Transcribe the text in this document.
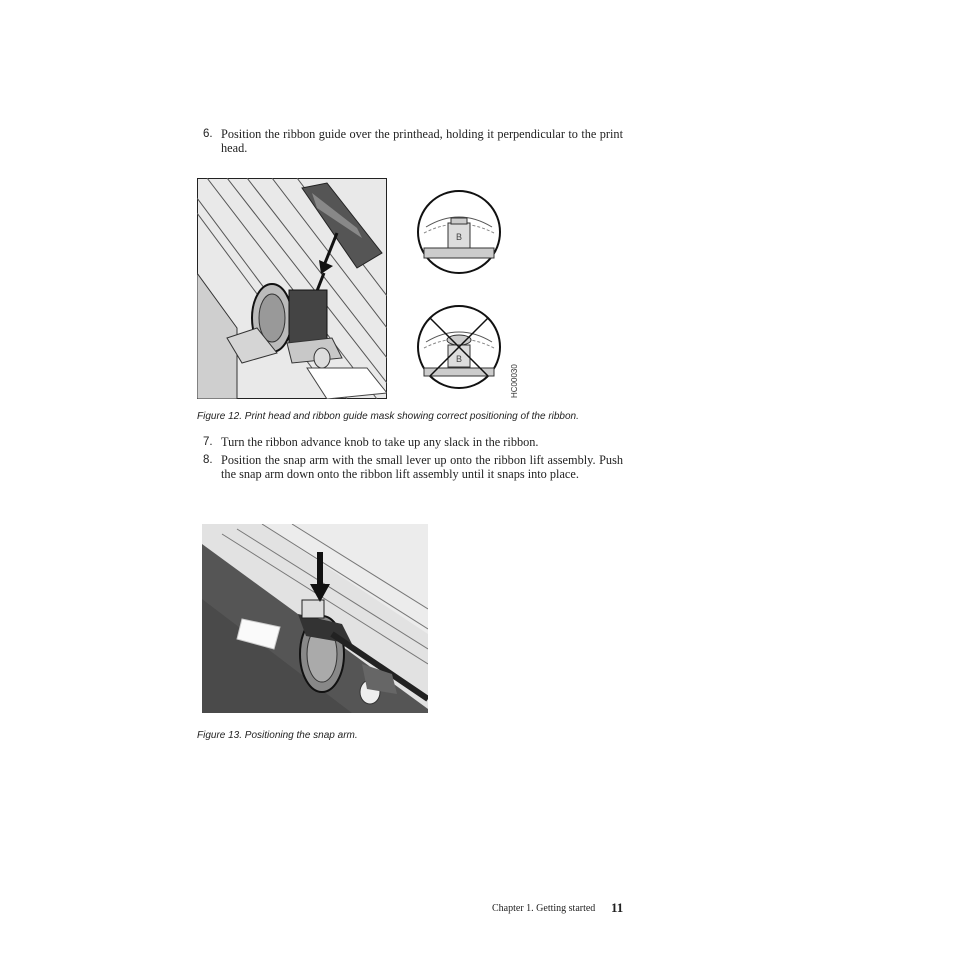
6. Position the ribbon guide over the printhead, holding it perpendicular to the print head.
B
B
HC00030
Figure 12. Print head and ribbon guide mask showing correct positioning of the ribbon.
7. Turn the ribbon advance knob to take up any slack in the ribbon.
8. Position the snap arm with the small lever up onto the ribbon lift assembly. Push the snap arm down onto the ribbon lift assembly until it snaps into place.
Figure 13. Positioning the snap arm.
Chapter 1. Getting started 11
